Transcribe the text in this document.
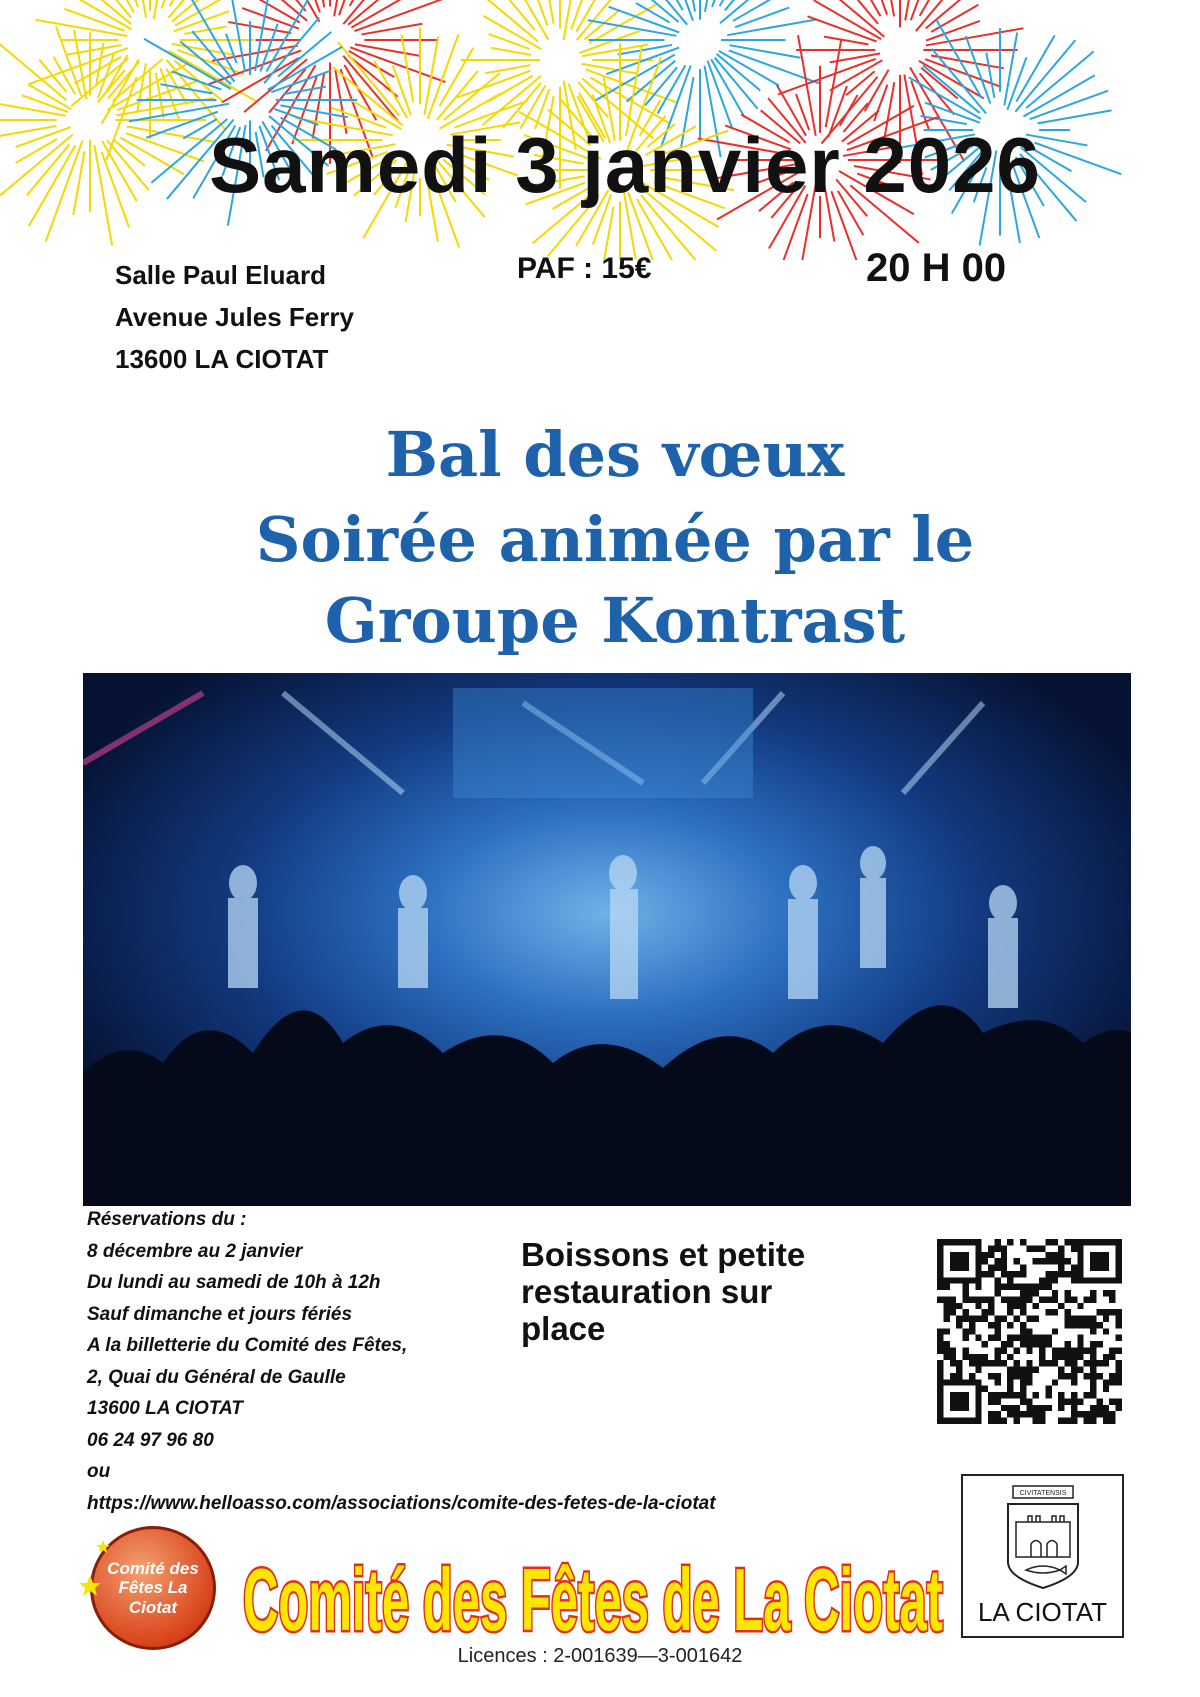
Samedi 3 janvier 2026
Salle Paul Eluard
Avenue Jules Ferry
13600 LA CIOTAT
PAF : 15€	20 H 00
Bal des vœux
Soirée animée par le
Groupe Kontrast
Réservations du :
8 décembre au 2 janvier
Du lundi au samedi de 10h à 12h
Sauf dimanche et jours fériés
A la billetterie du Comité des Fêtes,
2, Quai du Général de Gaulle
13600 LA CIOTAT
06 24 97 96 80
ou
https://www.helloasso.com/associations/comite-des-fetes-de-la-ciotat
Boissons et petite
restauration sur
place
CIVITATENSIS
LA CIOTAT
Comité des Fêtes La Ciotat Comité des Fêtes de La Ciotat
Licences : 2-001639—3-001642
